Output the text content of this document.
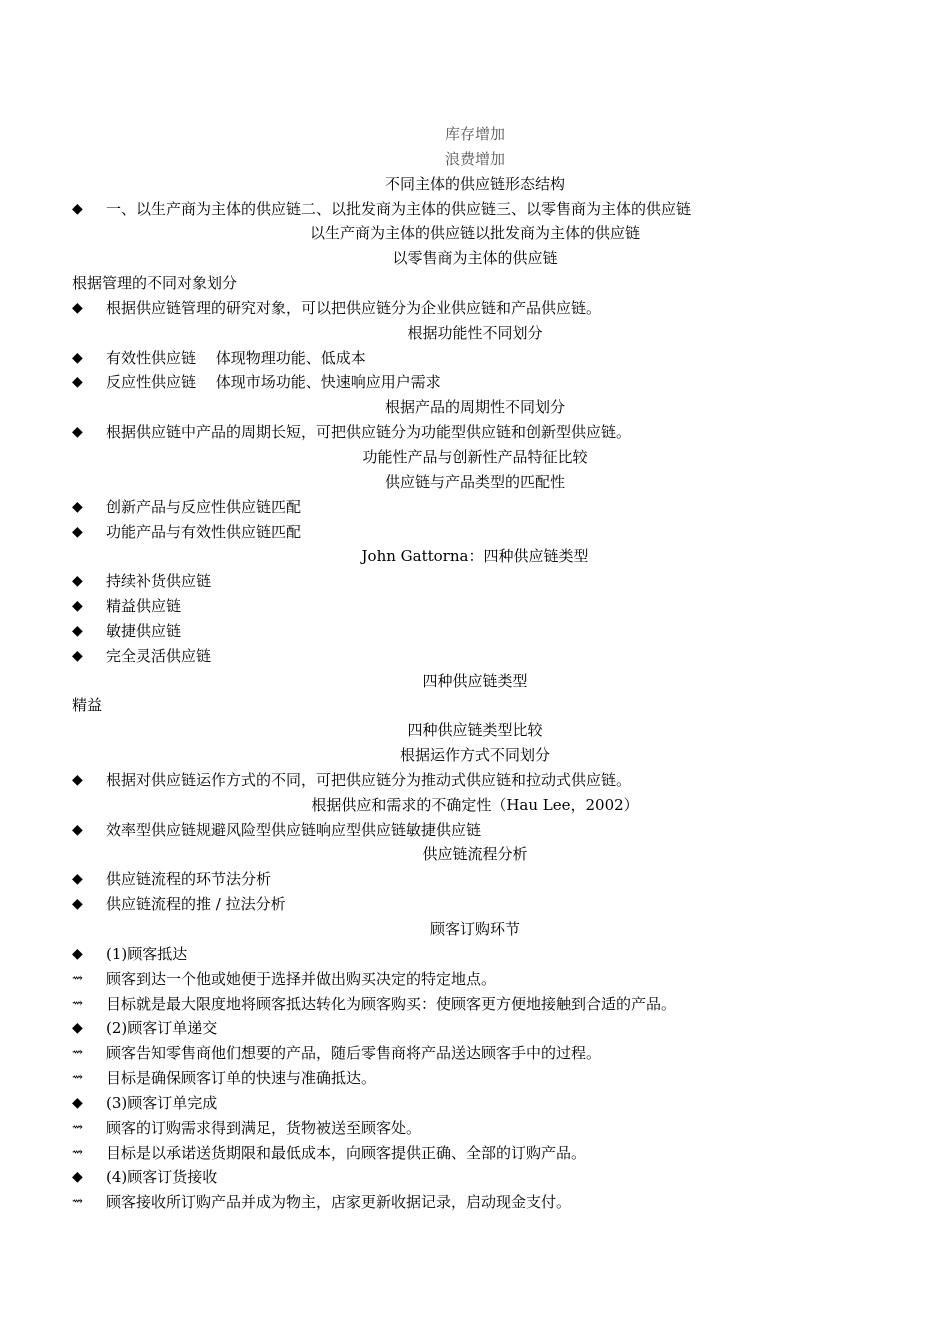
库存增加
浪费增加
不同主体的供应链形态结构
◆	一、以生产商为主体的供应链二、以批发商为主体的供应链三、以零售商为主体的供应链
以生产商为主体的供应链以批发商为主体的供应链
以零售商为主体的供应链
根据管理的不同对象划分
◆	根据供应链管理的研究对象，可以把供应链分为企业供应链和产品供应链。
根据功能性不同划分
◆	有效性供应链　 体现物理功能、低成本
◆	反应性供应链　 体现市场功能、快速响应用户需求
根据产品的周期性不同划分
◆	根据供应链中产品的周期长短，可把供应链分为功能型供应链和创新型供应链。
功能性产品与创新性产品特征比较
供应链与产品类型的匹配性
◆	创新产品与反应性供应链匹配
◆	功能产品与有效性供应链匹配
John Gattorna：四种供应链类型
◆	持续补货供应链
◆	精益供应链
◆	敏捷供应链
◆	完全灵活供应链
四种供应链类型
精益
四种供应链类型比较
根据运作方式不同划分
◆	根据对供应链运作方式的不同，可把供应链分为推动式供应链和拉动式供应链。
根据供应和需求的不确定性（Hau Lee，2002）
◆	效率型供应链规避风险型供应链响应型供应链敏捷供应链
供应链流程分析
◆	供应链流程的环节法分析
◆	供应链流程的推 / 拉法分析
顾客订购环节
◆	(1)顾客抵达
⇝	顾客到达一个他或她便于选择并做出购买决定的特定地点。
⇝	目标就是最大限度地将顾客抵达转化为顾客购买：使顾客更方便地接触到合适的产品。
◆	(2)顾客订单递交
⇝	顾客告知零售商他们想要的产品，随后零售商将产品送达顾客手中的过程。
⇝	目标是确保顾客订单的快速与准确抵达。
◆	(3)顾客订单完成
⇝	顾客的订购需求得到满足，货物被送至顾客处。
⇝	目标是以承诺送货期限和最低成本，向顾客提供正确、全部的订购产品。
◆	(4)顾客订货接收
⇝	顾客接收所订购产品并成为物主，店家更新收据记录，启动现金支付。
